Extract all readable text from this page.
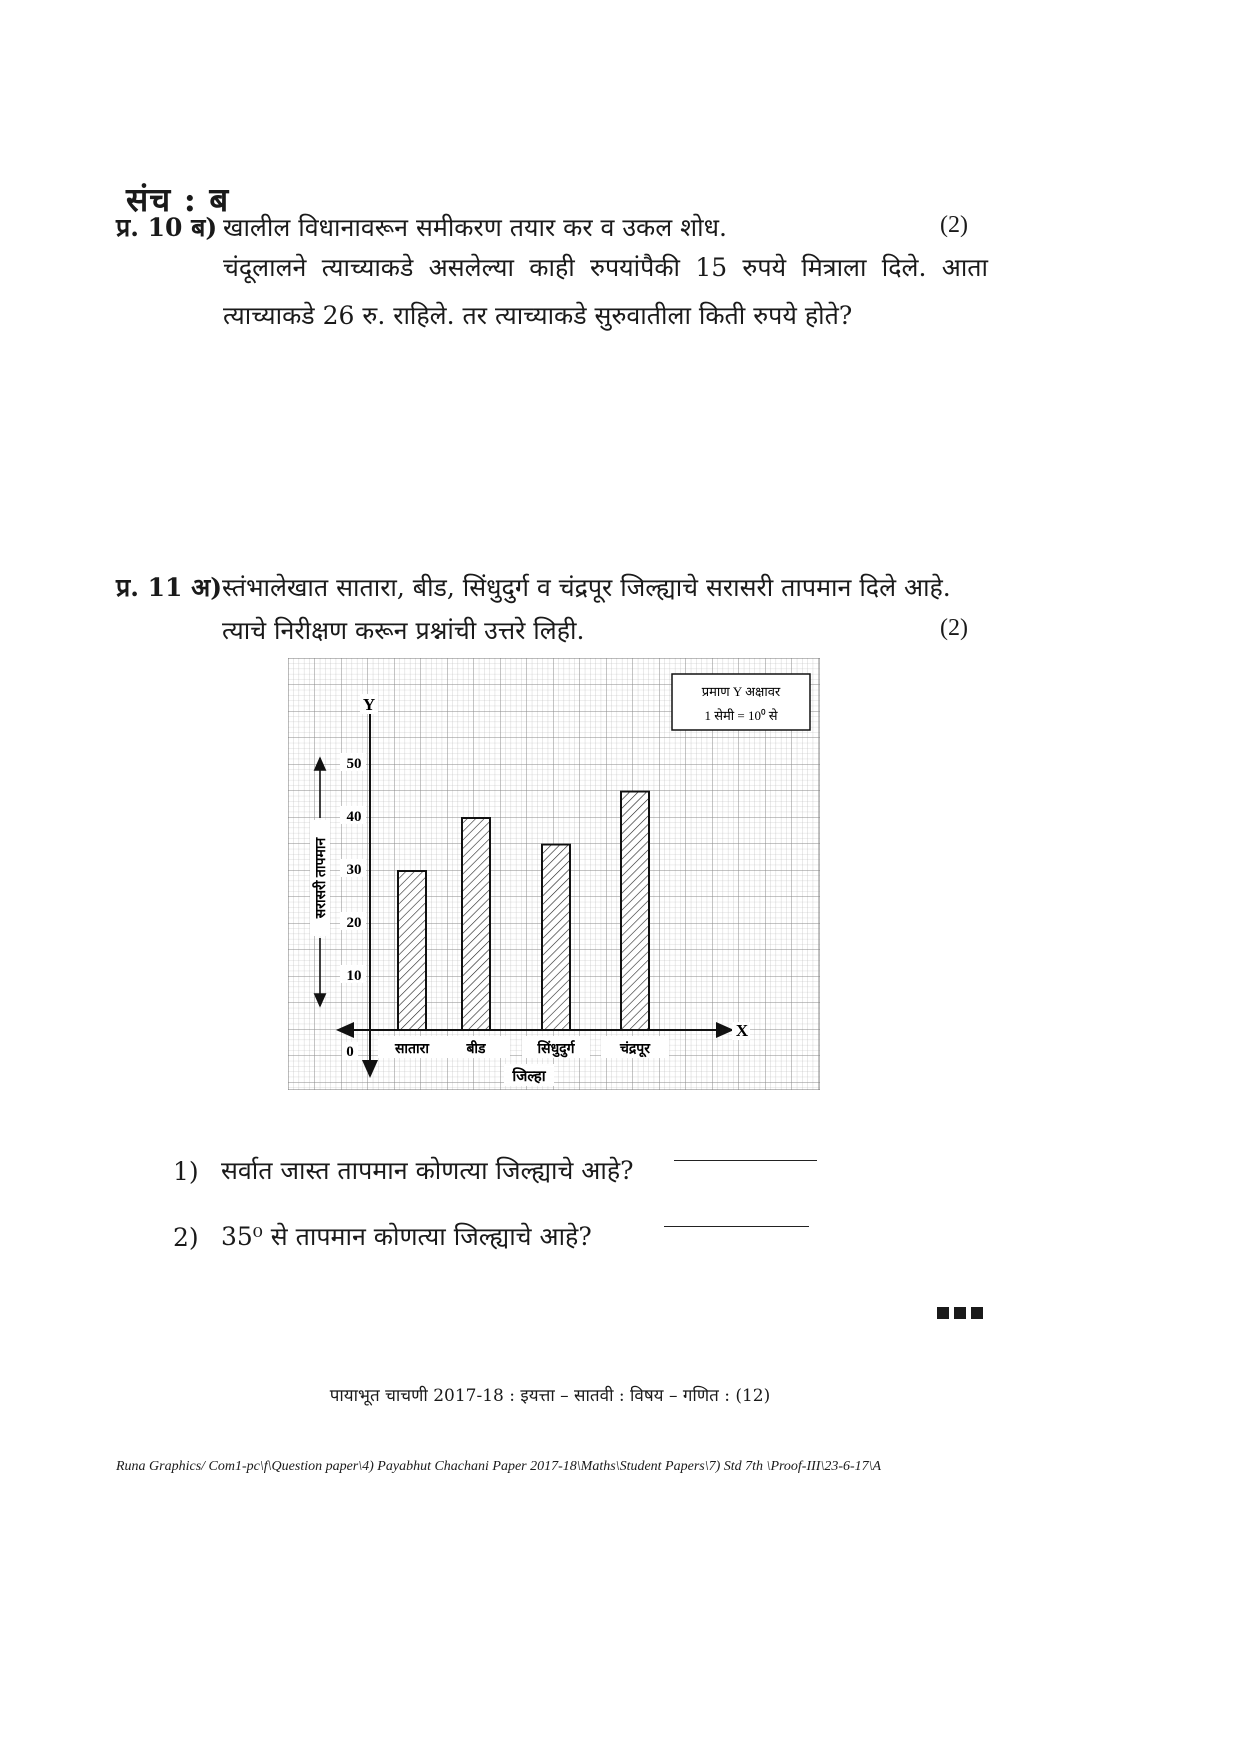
संच : ब
प्र. 10 ब) खालील विधानावरून समीकरण तयार कर व उकल शोध.	(2)
चंदूलालने त्याच्याकडे असलेल्या काही रुपयांपैकी 15 रुपये मित्राला दिले. आता त्याच्याकडे 26 रु. राहिले. तर त्याच्याकडे सुरुवातीला किती रुपये होते?
प्र. 11 अ) स्तंभालेखात सातारा, बीड, सिंधुदुर्ग व चंद्रपूर जिल्ह्याचे सरासरी तापमान दिले आहे.
त्याचे निरीक्षण करून प्रश्नांची उत्तरे लिही.	(2)
Y
X
10
20
30
40
50
सातारा	बीड	सिंधुदुर्ग	चंद्रपूर
0
जिल्हा
सरासरी तापमान
प्रमाण Y अक्षावर
1 सेमी = 10⁰ से
1) सर्वात जास्त तापमान कोणत्या जिल्ह्याचे आहे?
2) 35⁰ से तापमान कोणत्या जिल्ह्याचे आहे?
पायाभूत चाचणी 2017-18 : इयत्ता – सातवी : विषय – गणित : (12)
Runa Graphics/ Com1-pc\f\Question paper\4) Payabhut Chachani Paper 2017-18\Maths\Student Papers\7) Std 7th \Proof-III\23-6-17\A
